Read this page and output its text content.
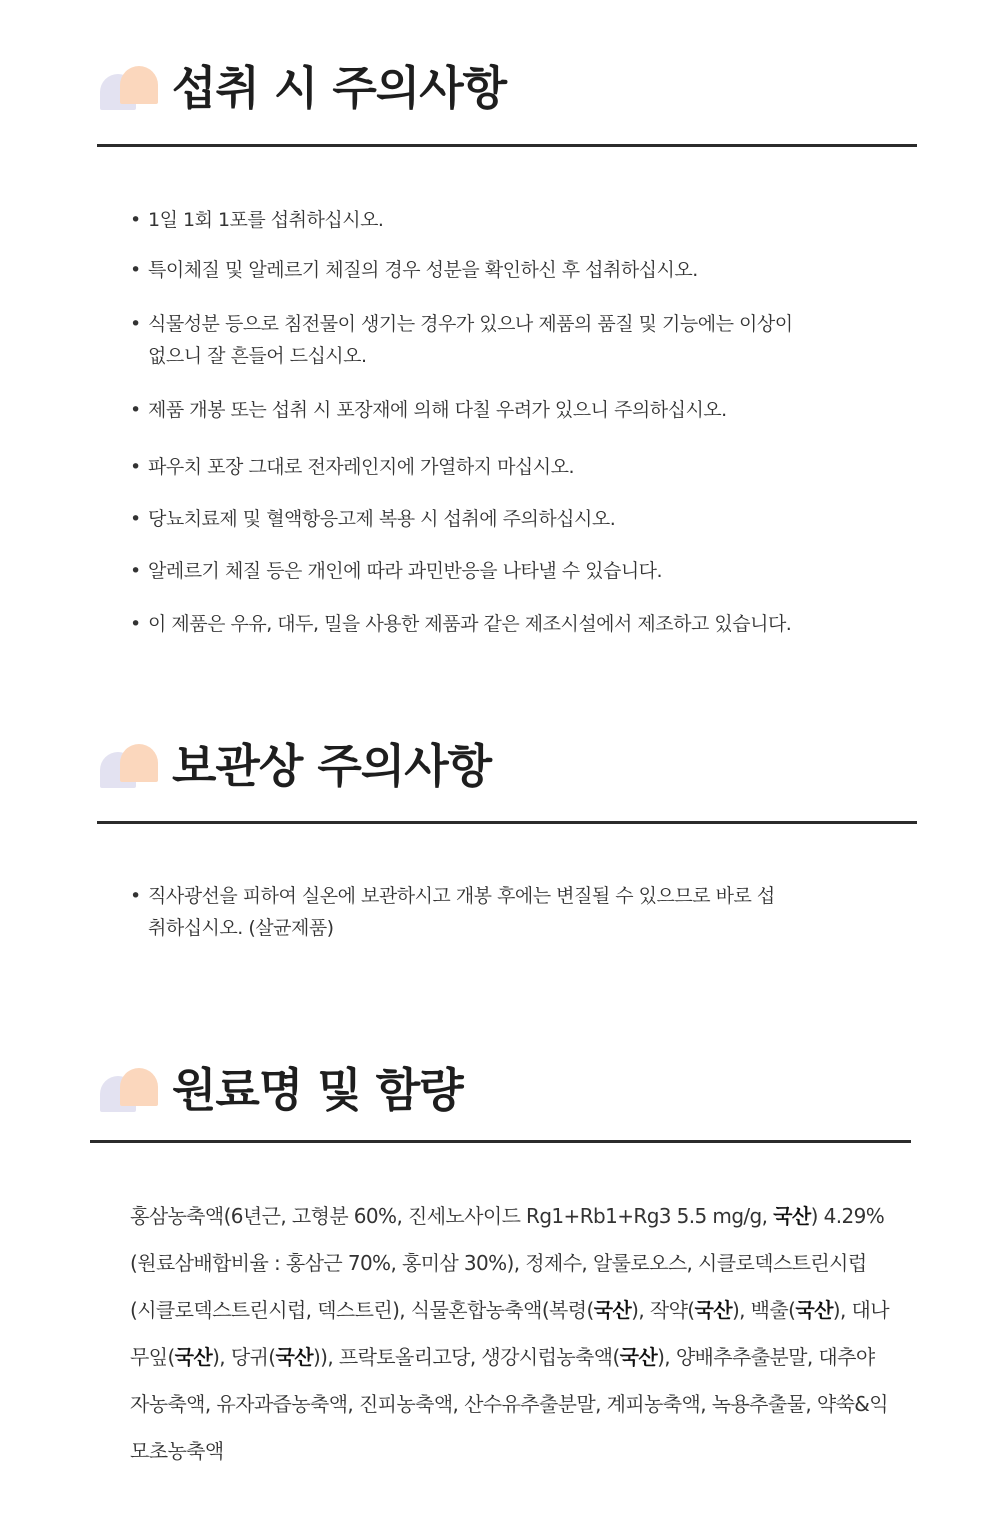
섭취 시 주의사항
• 1일 1회 1포를 섭취하십시오.
• 특이체질 및 알레르기 체질의 경우 성분을 확인하신 후 섭취하십시오.
• 식물성분 등으로 침전물이 생기는 경우가 있으나 제품의 품질 및 기능에는 이상이 없으니 잘 흔들어 드십시오.
• 제품 개봉 또는 섭취 시 포장재에 의해 다칠 우려가 있으니 주의하십시오.
• 파우치 포장 그대로 전자레인지에 가열하지 마십시오.
• 당뇨치료제 및 혈액항응고제 복용 시 섭취에 주의하십시오.
• 알레르기 체질 등은 개인에 따라 과민반응을 나타낼 수 있습니다.
• 이 제품은 우유, 대두, 밀을 사용한 제품과 같은 제조시설에서 제조하고 있습니다.
보관상 주의사항
• 직사광선을 피하여 실온에 보관하시고 개봉 후에는 변질될 수 있으므로 바로 섭취하십시오. (살균제품)
원료명 및 함량
홍삼농축액(6년근, 고형분 60%, 진세노사이드 Rg1+Rb1+Rg3 5.5 mg/g, 국산) 4.29% (원료삼배합비율 : 홍삼근 70%, 홍미삼 30%), 정제수, 알룰로오스, 시클로덱스트린시럽(시클로덱스트린시럽, 덱스트린), 식물혼합농축액(복령(국산), 작약(국산), 백출(국산), 대나무잎(국산), 당귀(국산)), 프락토올리고당, 생강시럽농축액(국산), 양배추추출분말, 대추야자농축액, 유자과즙농축액, 진피농축액, 산수유추출분말, 계피농축액, 녹용추출물, 약쑥&익모초농축액
